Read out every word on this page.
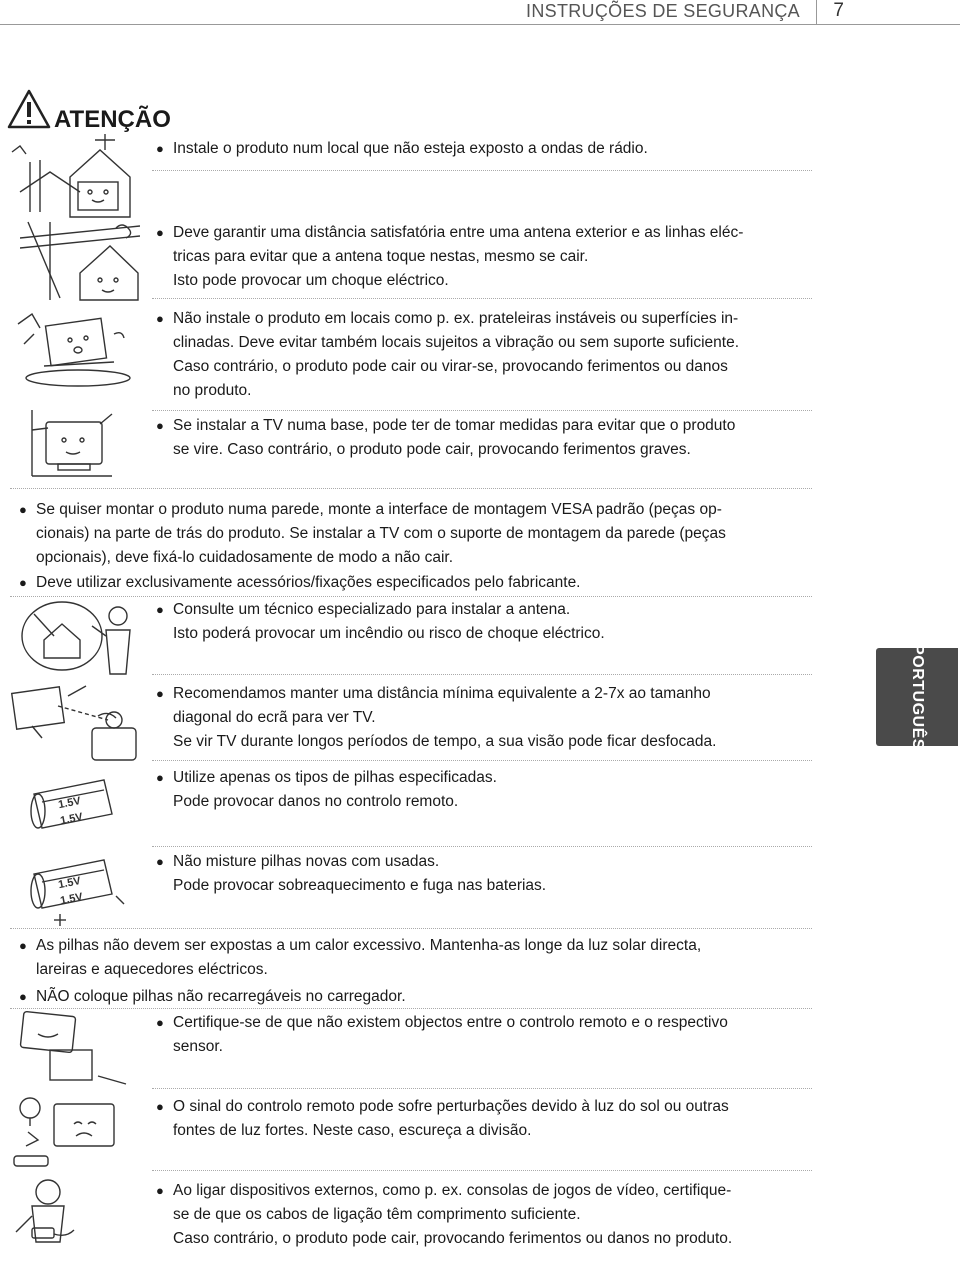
INSTRUÇÕES DE SEGURANÇA 7
ATENÇÃO
1.5V
1.5V
1.5V
1.5V
● Instale o produto num local que não esteja exposto a ondas de rádio.
● Deve garantir uma distância satisfatória entre uma antena exterior e as linhas eléc-
tricas para evitar que a antena toque nestas, mesmo se cair.
Isto pode provocar um choque eléctrico.
● Não instale o produto em locais como p. ex. prateleiras instáveis ou superfícies in-
clinadas. Deve evitar também locais sujeitos a vibração ou sem suporte suficiente.
Caso contrário, o produto pode cair ou virar-se, provocando ferimentos ou danos
no produto.
● Se instalar a TV numa base, pode ter de tomar medidas para evitar que o produto
se vire. Caso contrário, o produto pode cair, provocando ferimentos graves.
● Se quiser montar o produto numa parede, monte a interface de montagem VESA padrão (peças op-
cionais) na parte de trás do produto. Se instalar a TV com o suporte de montagem da parede (peças
opcionais), deve fixá-lo cuidadosamente de modo a não cair.
● Deve utilizar exclusivamente acessórios/fixações especificados pelo fabricante.
● Consulte um técnico especializado para instalar a antena.
Isto poderá provocar um incêndio ou risco de choque eléctrico.
● Recomendamos manter uma distância mínima equivalente a 2-7x ao tamanho
diagonal do ecrã para ver TV.
Se vir TV durante longos períodos de tempo, a sua visão pode ficar desfocada.
● Utilize apenas os tipos de pilhas especificadas.
Pode provocar danos no controlo remoto.
● Não misture pilhas novas com usadas.
Pode provocar sobreaquecimento e fuga nas baterias.
● As pilhas não devem ser expostas a um calor excessivo. Mantenha-as longe da luz solar directa,
lareiras e aquecedores eléctricos.
● NÃO coloque pilhas não recarregáveis no carregador.
● Certifique-se de que não existem objectos entre o controlo remoto e o respectivo
sensor.
● O sinal do controlo remoto pode sofre perturbações devido à luz do sol ou outras
fontes de luz fortes. Neste caso, escureça a divisão.
● Ao ligar dispositivos externos, como p. ex. consolas de jogos de vídeo, certifique-
se de que os cabos de ligação têm comprimento suficiente.
Caso contrário, o produto pode cair, provocando ferimentos ou danos no produto.
PORTUGUÊS
